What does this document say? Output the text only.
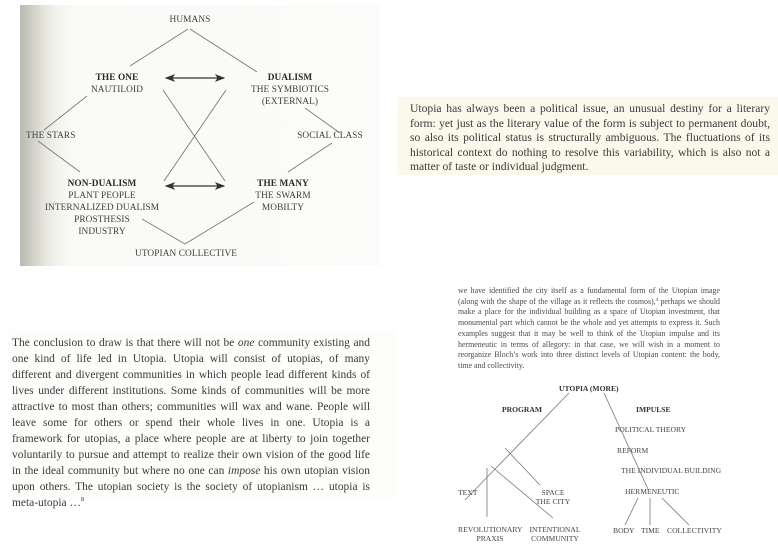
HUMANS
THE ONE
NAUTILOID
DUALISM
THE SYMBIOTICS
(EXTERNAL)
THE STARS	SOCIAL CLASS
NON-DUALISM
PLANT PEOPLE
INTERNALIZED DUALISM
PROSTHESIS
INDUSTRY
THE MANY
THE SWARM
MOBILTY
UTOPIAN COLLECTIVE

Utopia has always been a political issue, an unusual destiny for a literary form: yet just as the literary value of the form is subject to permanent doubt, so also its political status is structurally ambiguous. The fluctuations of its historical context do nothing to resolve this variability, which is also not a matter of taste or individual judgment.

The conclusion to draw is that there will not be one community existing and one kind of life led in Utopia. Utopia will consist of utopias, of many different and divergent communities in which people lead different kinds of lives under different institutions. Some kinds of communities will be more attractive to most than others; communities will wax and wane. People will leave some for others or spend their whole lives in one. Utopia is a framework for utopias, a place where people are at liberty to join together voluntarily to pursue and attempt to realize their own vision of the good life in the ideal community but where no one can impose his own utopian vision upon others. The utopian society is the society of utopianism … utopia is meta-utopia …$^8$

we have identified the city itself as a fundamental form of the Utopian image (along with the shape of the village as it reflects the cosmos),$^4$ perhaps we should make a place for the individual building as a space of Utopian investment, that monumental part which cannot be the whole and yet attempts to express it. Such examples suggest that it may be well to think of the Utopian impulse and its hermeneutic in terms of allegory: in that case, we will wish in a moment to reorganize Bloch’s work into three distinct levels of Utopian content: the body, time and collectivity.

UTOPIA (MORE)
PROGRAM	IMPULSE
POLITICAL THEORY
REFORM
THE INDIVIDUAL BUILDING
HERMENEUTIC
TEXT	SPACE
THE CITY
REVOLUTIONARY
PRAXIS
INTENTIONAL
COMMUNITY
BODY TIME COLLECTIVITY
